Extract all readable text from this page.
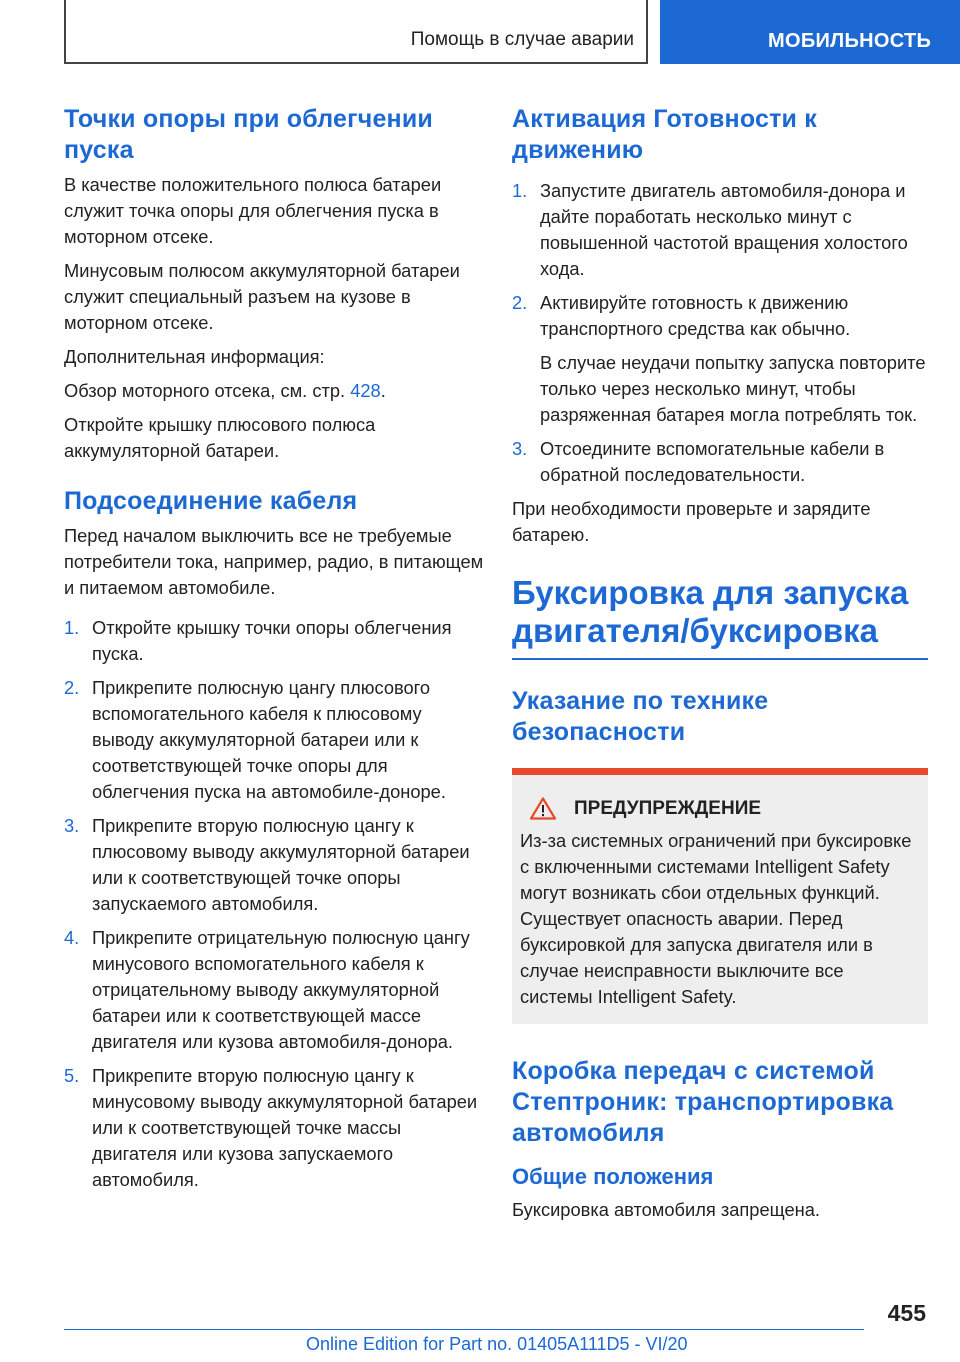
Помощь в случае аварии	МОБИЛЬНОСТЬ
Точки опоры при облегчении пуска

В качестве положительного полюса батареи служит точка опоры для облегчения пуска в моторном отсеке.

Минусовым полюсом аккумуляторной батареи служит специальный разъем на кузове в моторном отсеке.

Дополнительная информация:

Обзор моторного отсека, см. стр. 428.

Откройте крышку плюсового полюса аккумуляторной батареи.

Подсоединение кабеля

Перед началом выключить все не требуемые потребители тока, например, радио, в питающем и питаемом автомобиле.

1. Откройте крышку точки опоры облегчения пуска.

2. Прикрепите полюсную цангу плюсового вспомогательного кабеля к плюсовому выводу аккумуляторной батареи или к соответствующей точке опоры для облегчения пуска на автомобиле-доноре.

3. Прикрепите вторую полюсную цангу к плюсовому выводу аккумуляторной батареи или к соответствующей точке опоры запускаемого автомобиля.

4. Прикрепите отрицательную полюсную цангу минусового вспомогательного кабеля к отрицательному выводу аккумуляторной батареи или к соответствующей массе двигателя или кузова автомобиля-донора.

5. Прикрепите вторую полюсную цангу к минусовому выводу аккумуляторной батареи или к соответствующей точке массы двигателя или кузова запускаемого автомобиля.

Активация Готовности к движению
1. Запустите двигатель автомобиля-донора и дайте поработать несколько минут с повышенной частотой вращения холостого хода.

2. Активируйте готовность к движению транспортного средства как обычно.

В случае неудачи попытку запуска повторите только через несколько минут, чтобы разряженная батарея могла потреблять ток.

3. Отсоедините вспомогательные кабели в обратной последовательности.

При необходимости проверьте и зарядите батарею.

Буксировка для запуска двигателя/буксировка
Указание по технике безопасности
ПРЕДУПРЕЖДЕНИЕ

Из-за системных ограничений при буксировке с включенными системами Intelligent Safety могут возникать сбои отдельных функций. Существует опасность аварии. Перед буксировкой для запуска двигателя или в случае неисправности выключите все системы Intelligent Safety.

Коробка передач с системой Стептроник: транспортировка автомобиля
Общие положения

Буксировка автомобиля запрещена.

455
Online Edition for Part no. 01405A111D5 - VI/20
